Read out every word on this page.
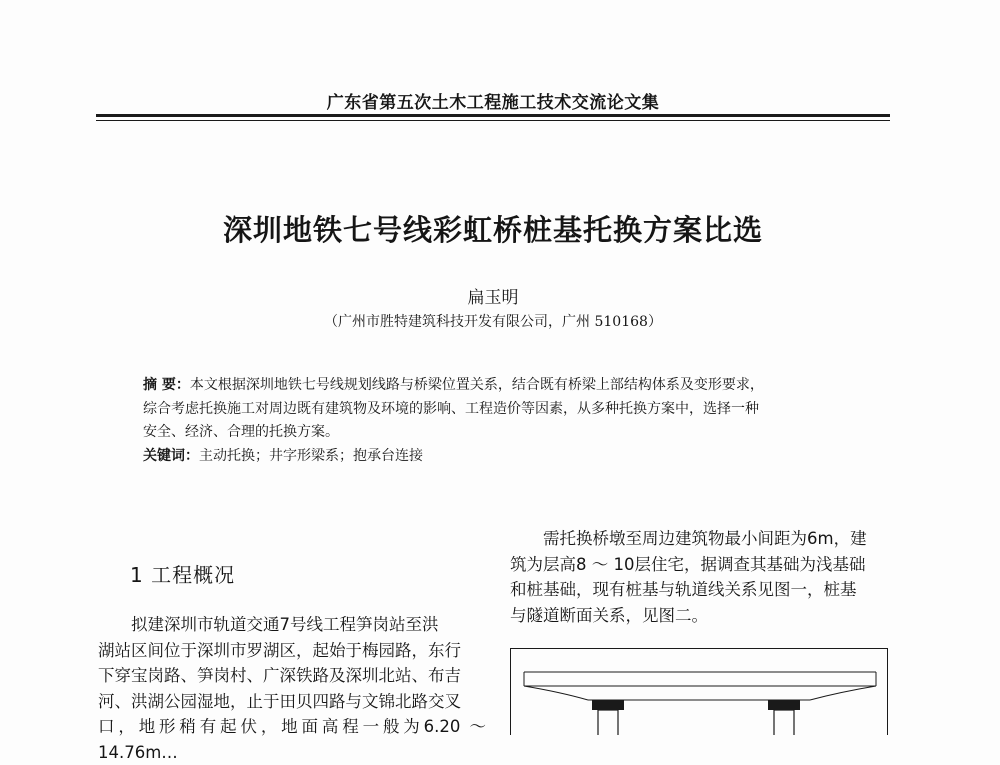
广东省第五次土木工程施工技术交流论文集
深圳地铁七号线彩虹桥桩基托换方案比选
扁玉明
（广州市胜特建筑科技开发有限公司，广州 510168）

摘 要：本文根据深圳地铁七号线规划线路与桥梁位置关系，结合既有桥梁上部结构体系及变形要求，

综合考虑托换施工对周边既有建筑物及环境的影响、工程造价等因素，从多种托换方案中，选择一种

安全、经济、合理的托换方案。

关键词：主动托换；井字形梁系；抱承台连接

1 工程概况

拟建深圳市轨道交通7号线工程笋岗站至洪

湖站区间位于深圳市罗湖区，起始于梅园路，东行

下穿宝岗路、笋岗村、广深铁路及深圳北站、布吉

河、洪湖公园湿地，止于田贝四路与文锦北路交叉

口，地形稍有起伏，地面高程一般为6.20 ～ 14.76m…

需托换桥墩至周边建筑物最小间距为6m，建

筑为层高8 ～ 10层住宅，据调查其基础为浅基础

和桩基础，现有桩基与轨道线关系见图一，桩基

与隧道断面关系，见图二。
